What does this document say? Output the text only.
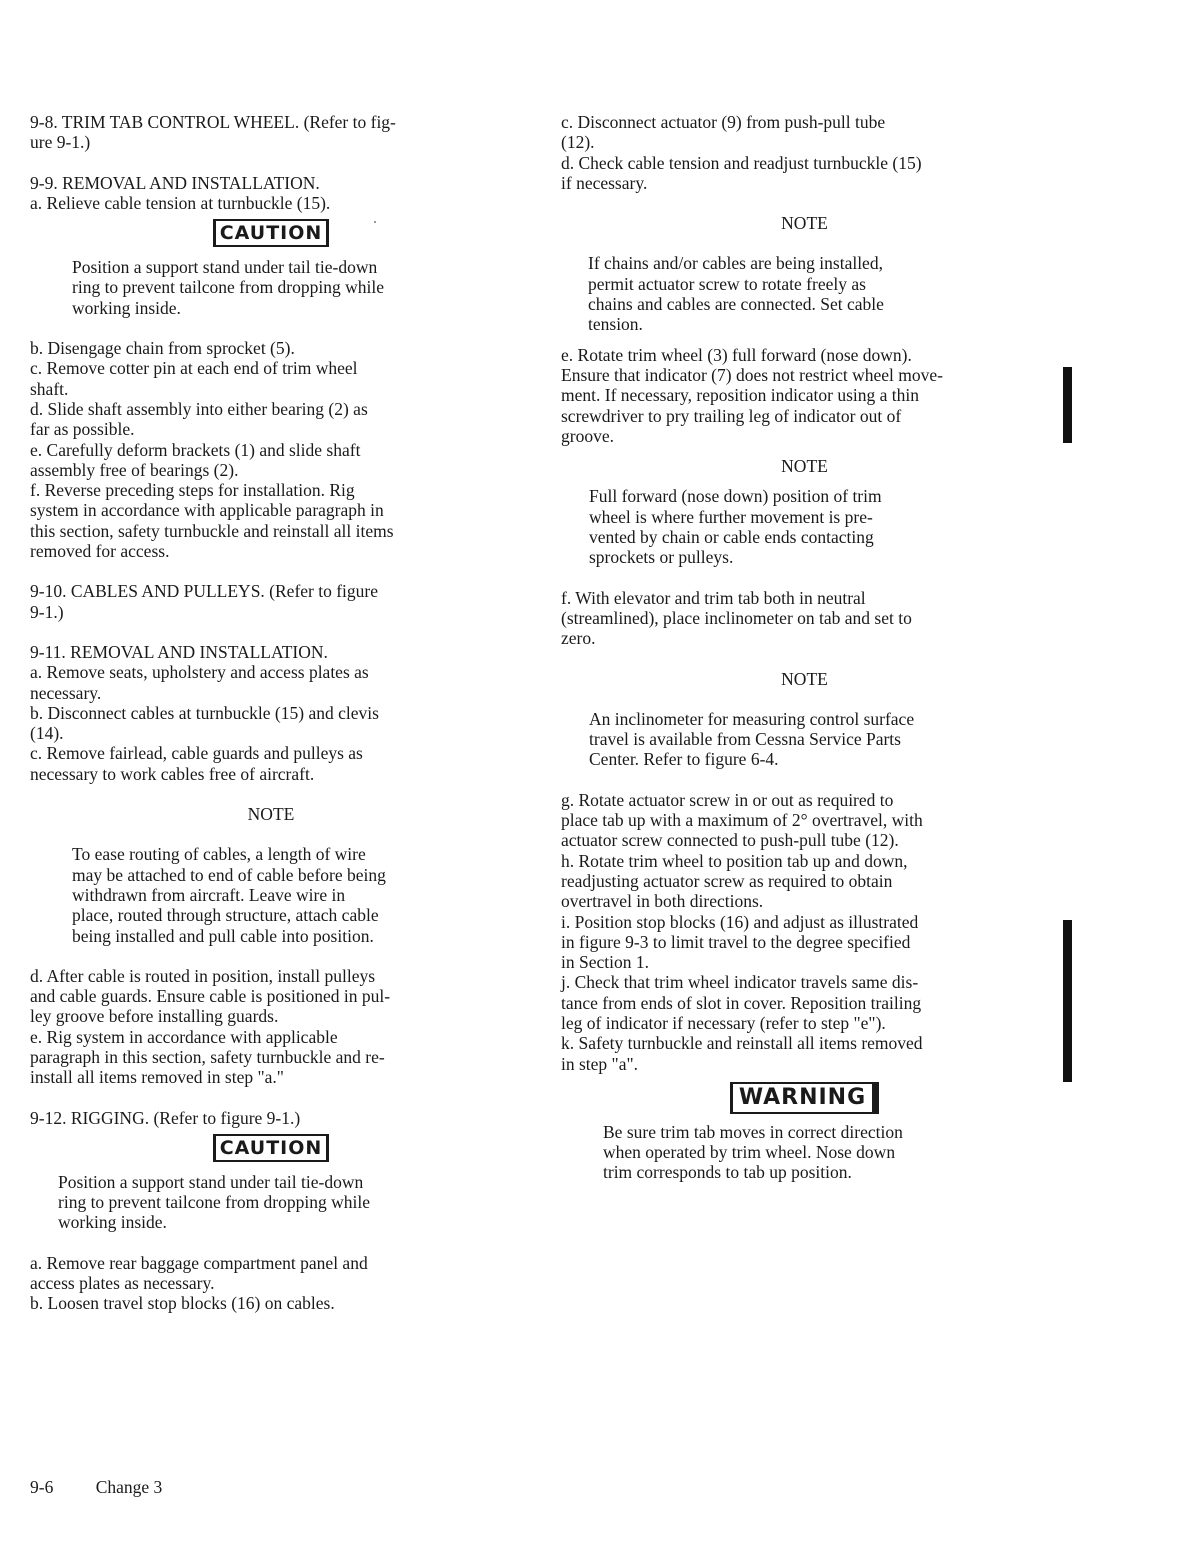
9-8. TRIM TAB CONTROL WHEEL. (Refer to fig-

ure 9-1.)

9-9. REMOVAL AND INSTALLATION.

a. Relieve cable tension at turnbuckle (15).

CAUTION

Position a support stand under tail tie-down

ring to prevent tailcone from dropping while

working inside.

b. Disengage chain from sprocket (5).

c. Remove cotter pin at each end of trim wheel

shaft.

d. Slide shaft assembly into either bearing (2) as

far as possible.

e. Carefully deform brackets (1) and slide shaft

assembly free of bearings (2).

f. Reverse preceding steps for installation. Rig

system in accordance with applicable paragraph in

this section, safety turnbuckle and reinstall all items

removed for access.

9-10. CABLES AND PULLEYS. (Refer to figure

9-1.)

9-11. REMOVAL AND INSTALLATION.

a. Remove seats, upholstery and access plates as

necessary.

b. Disconnect cables at turnbuckle (15) and clevis

(14).

c. Remove fairlead, cable guards and pulleys as

necessary to work cables free of aircraft.

NOTE

To ease routing of cables, a length of wire

may be attached to end of cable before being

withdrawn from aircraft. Leave wire in

place, routed through structure, attach cable

being installed and pull cable into position.

d. After cable is routed in position, install pulleys

and cable guards. Ensure cable is positioned in pul-

ley groove before installing guards.

e. Rig system in accordance with applicable

paragraph in this section, safety turnbuckle and re-

install all items removed in step "a."

9-12. RIGGING. (Refer to figure 9-1.)

CAUTION

Position a support stand under tail tie-down

ring to prevent tailcone from dropping while

working inside.

a. Remove rear baggage compartment panel and

access plates as necessary.

b. Loosen travel stop blocks (16) on cables.

c. Disconnect actuator (9) from push-pull tube

(12).

d. Check cable tension and readjust turnbuckle (15)

if necessary.

NOTE

If chains and/or cables are being installed,

permit actuator screw to rotate freely as

chains and cables are connected. Set cable

tension.

e. Rotate trim wheel (3) full forward (nose down).

Ensure that indicator (7) does not restrict wheel move-

ment. If necessary, reposition indicator using a thin

screwdriver to pry trailing leg of indicator out of

groove.

NOTE

Full forward (nose down) position of trim

wheel is where further movement is pre-

vented by chain or cable ends contacting

sprockets or pulleys.

f. With elevator and trim tab both in neutral

(streamlined), place inclinometer on tab and set to

zero.

NOTE

An inclinometer for measuring control surface

travel is available from Cessna Service Parts

Center. Refer to figure 6-4.

g. Rotate actuator screw in or out as required to

place tab up with a maximum of 2° overtravel, with

actuator screw connected to push-pull tube (12).

h. Rotate trim wheel to position tab up and down,

readjusting actuator screw as required to obtain

overtravel in both directions.

i. Position stop blocks (16) and adjust as illustrated

in figure 9-3 to limit travel to the degree specified

in Section 1.

j. Check that trim wheel indicator travels same dis-

tance from ends of slot in cover. Reposition trailing

leg of indicator if necessary (refer to step "e").

k. Safety turnbuckle and reinstall all items removed

in step "a".

WARNING

Be sure trim tab moves in correct direction

when operated by trim wheel. Nose down

trim corresponds to tab up position.

9-6 Change 3
